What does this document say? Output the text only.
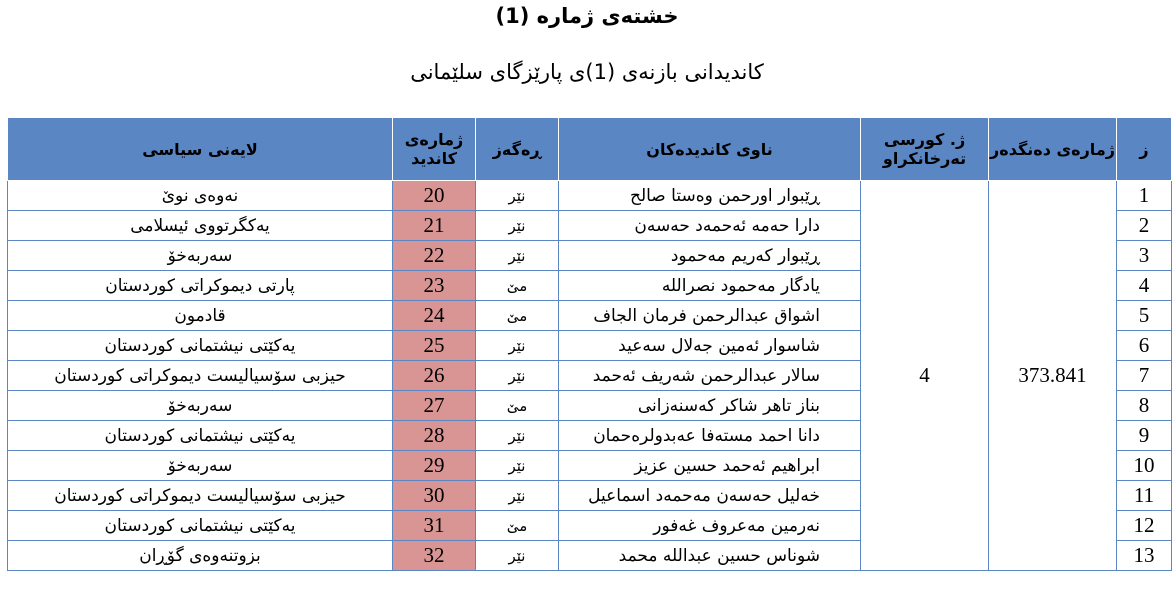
خشتەی ژمارە (1)
کاندیدانی بازنەی (1)ی پارێزگای سلێمانی
لایەنی سیاسی	ژمارەی کاندید	ڕەگەز	ناوی کاندیدەکان	ژ. کورسی تەرخانکراو	ژمارەی دەنگدەر	ز
نەوەی نوێ	20	نێر	ڕێبوار اورحمن وەستا صالح	4	373.841	1
یەکگرتووی ئیسلامی	21	نێر	دارا حەمە ئەحمەد حەسەن			2
سەربەخۆ	22	نێر	ڕێبوار کەریم مەحمود			3
پارتی دیموکراتی کوردستان	23	مێ	یادگار مەحمود نصراللە			4
قادمون	24	مێ	اشواق عبدالرحمن فرمان الجاف			5
یەکێتی نیشتمانی کوردستان	25	نێر	شاسوار ئەمین جەلال سەعید			6
حیزبی سۆسیالیست دیموکراتی کوردستان	26	نێر	سالار عبدالرحمن شەریف ئەحمد			7
سەربەخۆ	27	مێ	بناز تاهر شاکر کەسنەزانی			8
یەکێتی نیشتمانی کوردستان	28	نێر	دانا احمد مستەفا عەبدولرەحمان			9
سەربەخۆ	29	نێر	ابراهیم ئەحمد حسین عزیز			10
حیزبی سۆسیالیست دیموکراتی کوردستان	30	نێر	خەلیل حەسەن مەحمەد اسماعیل			11
یەکێتی نیشتمانی کوردستان	31	مێ	نەرمین مەعروف غەفور			12
بزوتنەوەی گۆڕان	32	نێر	شوناس حسین عبداللە محمد			13
